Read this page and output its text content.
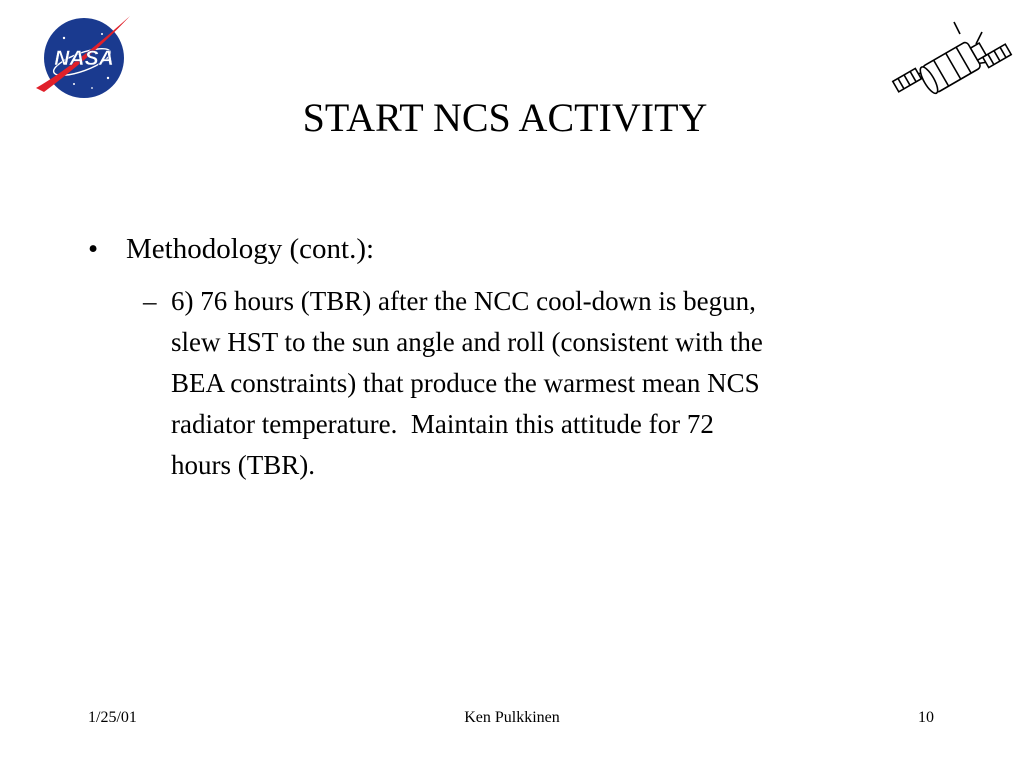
NASA
START NCS ACTIVITY
• Methodology (cont.):
– 6) 76 hours (TBR) after the NCC cool-down is begun,
slew HST to the sun angle and roll (consistent with the
BEA constraints) that produce the warmest mean NCS
radiator temperature.  Maintain this attitude for 72
hours (TBR).
1/25/01	Ken Pulkkinen	10
